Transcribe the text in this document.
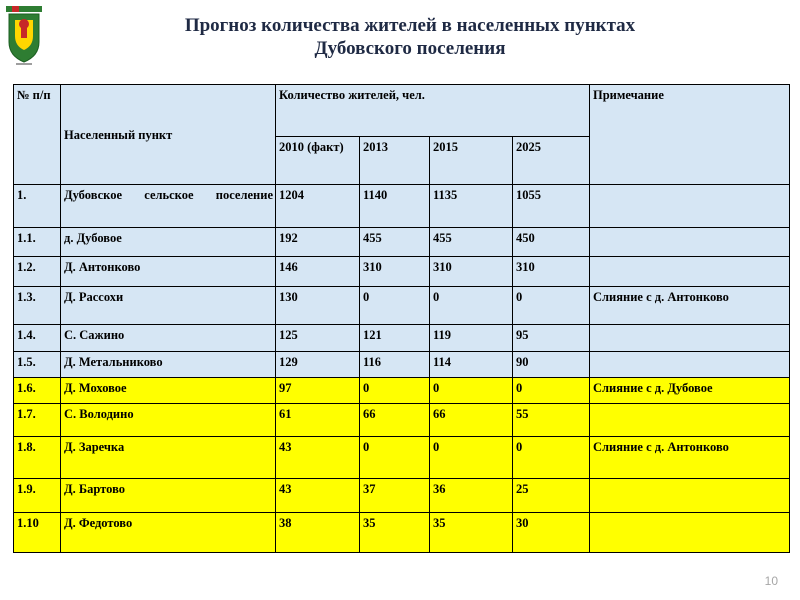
Прогноз количества жителей в населенных пунктах
Дубовского поселения
№ п/п	Населенный пункт	Количество жителей, чел.				Примечание
		2010 (факт)	2013	2015	2025	
1.	Дубовское сельское поселение	1204	1140	1135	1055	
1.1.	д. Дубовое	192	455	455	450	
1.2.	Д. Антонково	146	310	310	310	
1.3.	Д. Рассохи	130	0	0	0	Слияние с д. Антонково
1.4.	С. Сажино	125	121	119	95	
1.5.	Д. Метальниково	129	116	114	90	
1.6.	Д. Моховое	97	0	0	0	Слияние с д. Дубовое
1.7.	С. Володино	61	66	66	55	
1.8.	Д. Заречка	43	0	0	0	Слияние с д. Антонково
1.9.	Д. Бартово	43	37	36	25	
1.10	Д. Федотово	38	35	35	30	
10
